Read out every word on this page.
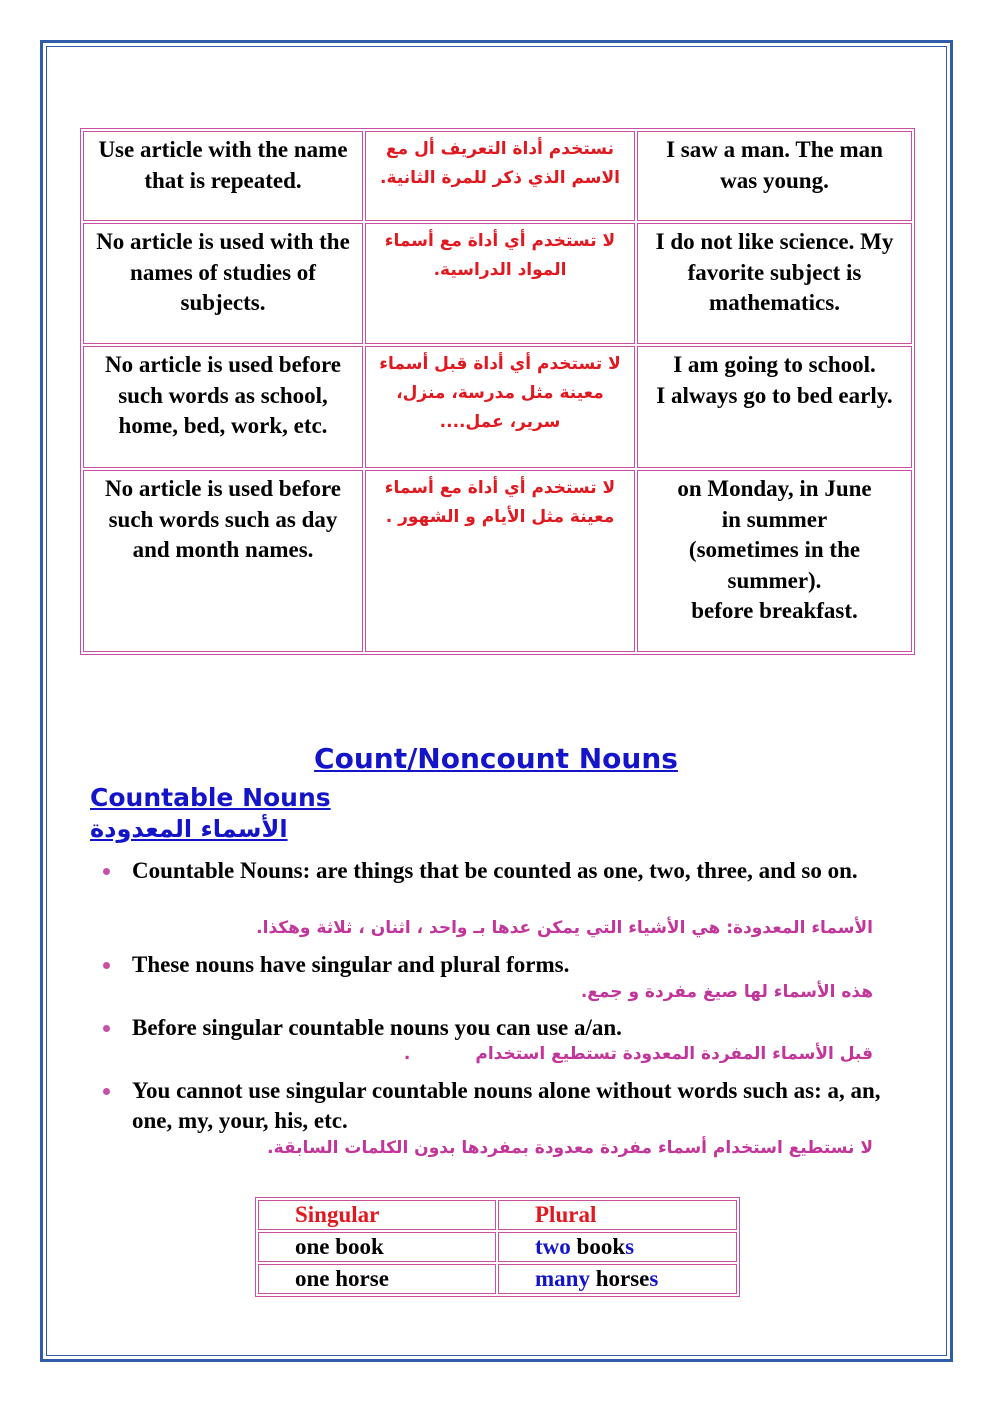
Use article with the name that is repeated.	نستخدم أداة التعريف أل مع الاسم الذي ذكر للمرة الثانية.	I saw a man. The man was young.
No article is used with the names of studies of subjects.	لا تستخدم أي أداة مع أسماء المواد الدراسية.	I do not like science. My favorite subject is mathematics.
No article is used before such words as school, home, bed, work, etc.	لا تستخدم أي أداة قبل أسماء معينة مثل مدرسة، منزل، سرير، عمل....	I am going to school.
I always go to bed early.

No article is used before such words such as day and month names.	لا تستخدم أي أداة مع أسماء معينة مثل الأيام و الشهور .	on Monday, in June
in summer
(sometimes in the summer).
before breakfast.
Count/Noncount Nouns
Countable Nouns
الأسماء المعدودة
Countable Nouns: are things that be counted as one, two, three, and so on.
الأسماء المعدودة: هي الأشياء التي يمكن عدها بـ واحد ، اثنان ، ثلاثة وهكذا.
These nouns have singular and plural forms.
هذه الأسماء لها صيغ مفردة و جمع.
Before singular countable nouns you can use a/an.
قبل الأسماء المفردة المعدودة تستطيع استخدام           .
You cannot use singular countable nouns alone without words such as: a, an, one, my, your, his, etc.
لا نستطيع استخدام أسماء مفردة معدودة بمفردها بدون الكلمات السابقة.
Singular	Plural
one book	two books
one horse	many horses
